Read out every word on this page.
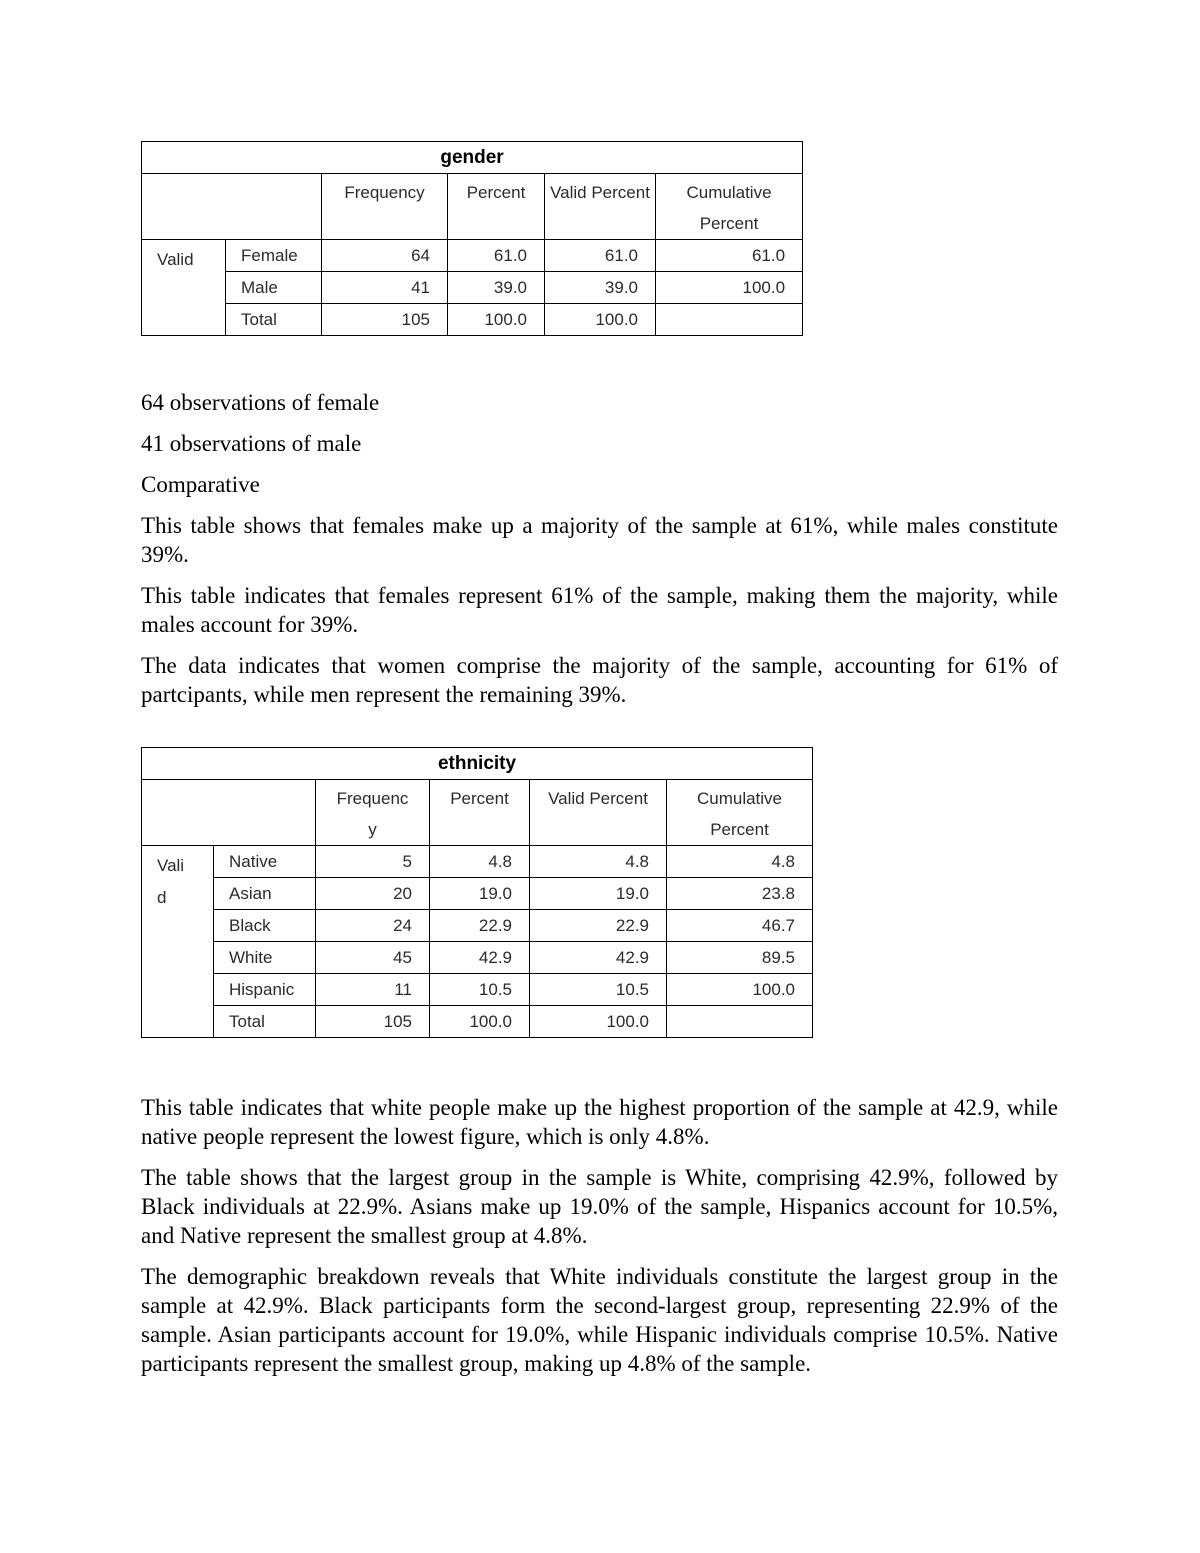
gender					
		Frequency	Percent	Valid Percent	Cumulative Percent
Valid	Female	64	61.0	61.0	61.0
	Male	41	39.0	39.0	100.0
	Total	105	100.0	100.0	

64 observations of female

41 observations of male

Comparative

This table shows that females make up a majority of the sample at 61%, while males constitute 39%.

This table indicates that females represent 61% of the sample, making them the majority, while males account for 39%.

The data indicates that women comprise the majority of the sample, accounting for 61% of partcipants, while men represent the remaining 39%.

ethnicity					
		Frequenc y	Percent	Valid Percent	Cumulative Percent
Vali d	Native	5	4.8	4.8	4.8
	Asian	20	19.0	19.0	23.8
	Black	24	22.9	22.9	46.7
	White	45	42.9	42.9	89.5
	Hispanic	11	10.5	10.5	100.0
	Total	105	100.0	100.0	

This table indicates that white people make up the highest proportion of the sample at 42.9, while native people represent the lowest figure, which is only 4.8%.

The table shows that the largest group in the sample is White, comprising 42.9%, followed by Black individuals at 22.9%. Asians make up 19.0% of the sample, Hispanics account for 10.5%, and Native represent the smallest group at 4.8%.

The demographic breakdown reveals that White individuals constitute the largest group in the sample at 42.9%. Black participants form the second-largest group, representing 22.9% of the sample. Asian participants account for 19.0%, while Hispanic individuals comprise 10.5%. Native participants represent the smallest group, making up 4.8% of the sample.
